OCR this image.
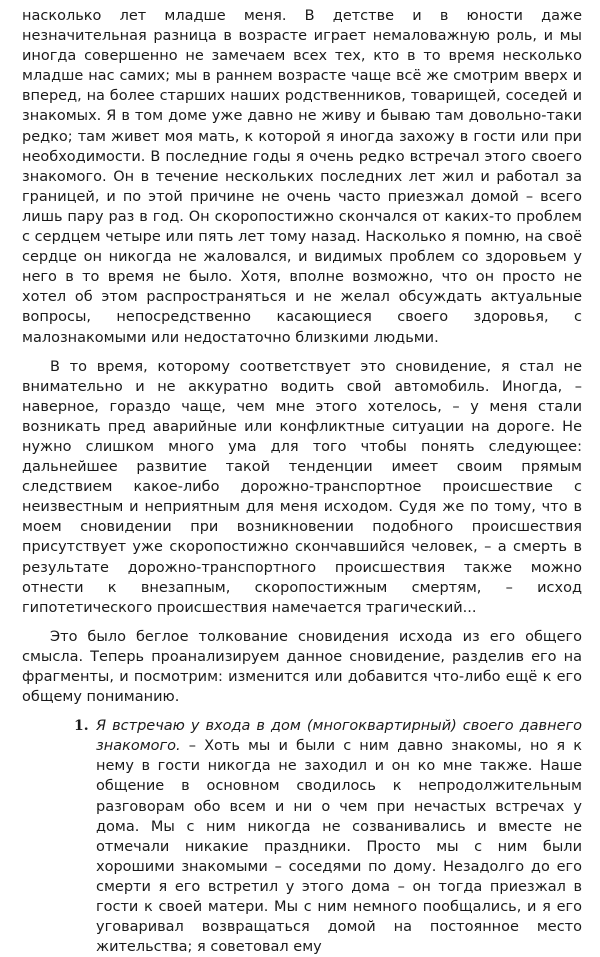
насколько лет младше меня. В детстве и в юности даже незначительная разница в возрасте играет немаловажную роль, и мы иногда совершенно не замечаем всех тех, кто в то время несколько младше нас самих; мы в раннем возрасте чаще всё же смотрим вверх и вперед, на более старших наших родственников, товарищей, соседей и знакомых. Я в том доме уже давно не живу и бываю там довольно-таки редко; там живет моя мать, к которой я иногда захожу в гости или при необходимости. В последние годы я очень редко встречал этого своего знакомого. Он в течение нескольких последних лет жил и работал за границей, и по этой причине не очень часто приезжал домой – всего лишь пару раз в год. Он скоропостижно скончался от каких-то проблем с сердцем четыре или пять лет тому назад. Насколько я помню, на своё сердце он никогда не жаловался, и видимых проблем со здоровьем у него в то время не было. Хотя, вполне возможно, что он просто не хотел об этом распространяться и не желал обсуждать актуальные вопросы, непосредственно касающиеся своего здоровья, с малознакомыми или недостаточно близкими людьми.

В то время, которому соответствует это сновидение, я стал не внимательно и не аккуратно водить свой автомобиль. Иногда, – наверное, гораздо чаще, чем мне этого хотелось, – у меня стали возникать пред аварийные или конфликтные ситуации на дороге. Не нужно слишком много ума для того чтобы понять следующее: дальнейшее развитие такой тенденции имеет своим прямым следствием какое-либо дорожно-транспортное происшествие с неизвестным и неприятным для меня исходом. Судя же по тому, что в моем сновидении при возникновении подобного происшествия присутствует уже скоропостижно скончавшийся человек, – а смерть в результате дорожно-транспортного происшествия также можно отнести к внезапным, скоропостижным смертям, – исход гипотетического происшествия намечается трагический...

Это было беглое толкование сновидения исхода из его общего смысла. Теперь проанализируем данное сновидение, разделив его на фрагменты, и посмотрим: изменится или добавится что-либо ещё к его общему пониманию.

1. Я встречаю у входа в дом (многоквартирный) своего давнего знакомого. – Хоть мы и были с ним давно знакомы, но я к нему в гости никогда не заходил и он ко мне также. Наше общение в основном сводилось к непродолжительным разговорам обо всем и ни о чем при нечастых встречах у дома. Мы с ним никогда не созванивались и вместе не отмечали никакие праздники. Просто мы с ним были хорошими знакомыми – соседями по дому. Незадолго до его смерти я его встретил у этого дома – он тогда приезжал в гости к своей матери. Мы с ним немного пообщались, и я его уговаривал возвращаться домой на постоянное место жительства; я советовал ему
